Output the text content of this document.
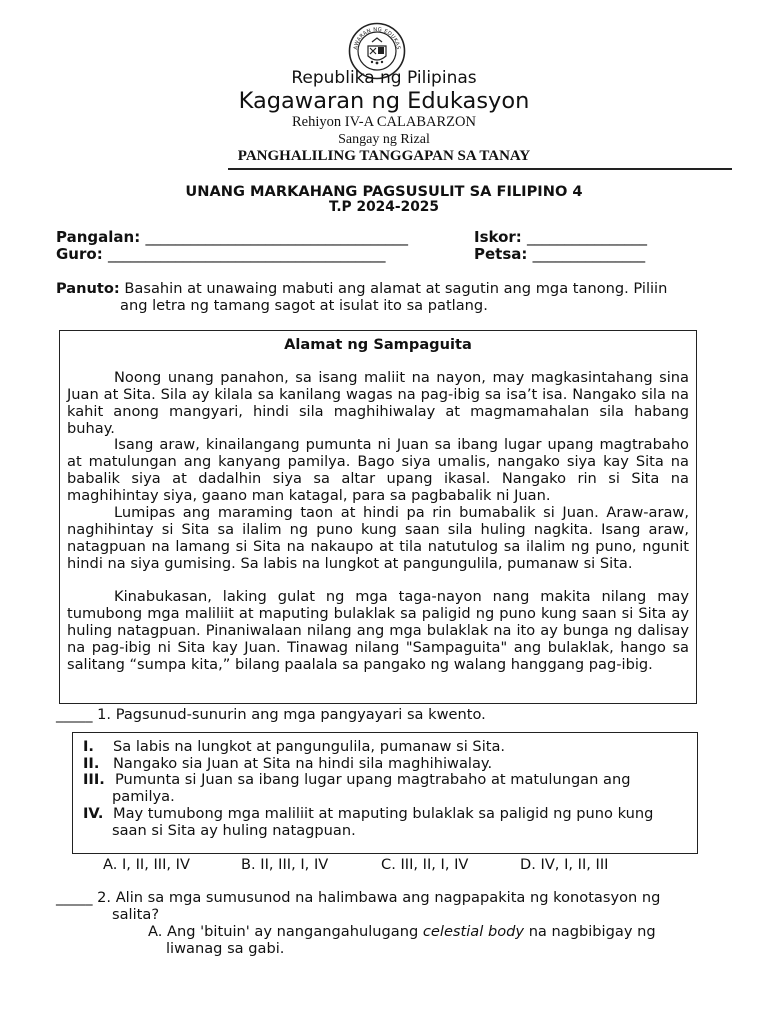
AWARAN NG EDUKAS
Republika ng Pilipinas
Kagawaran ng Edukasyon
Rehiyon IV-A CALABARZON
Sangay ng Rizal
PANGHALILING TANGGAPAN SA TANAY
UNANG MARKAHANG PAGSUSULIT SA FILIPINO 4
T.P 2024-2025
Pangalan: ___________________________________	Iskor: ________________
Guro: _____________________________________	Petsa: _______________
Panuto: Basahin at unawaing mabuti ang alamat at sagutin ang mga tanong. Piliin
ang letra ng tamang sagot at isulat ito sa patlang.
Alamat ng Sampaguita
Noong unang panahon, sa isang maliit na nayon, may magkasintahang sina Juan at Sita. Sila ay kilala sa kanilang wagas na pag-ibig sa isa’t isa. Nangako sila na kahit anong mangyari, hindi sila maghihiwalay at magmamahalan sila habang buhay.
Isang araw, kinailangang pumunta ni Juan sa ibang lugar upang magtrabaho at matulungan ang kanyang pamilya. Bago siya umalis, nangako siya kay Sita na babalik siya at dadalhin siya sa altar upang ikasal. Nangako rin si Sita na maghihintay siya, gaano man katagal, para sa pagbabalik ni Juan.
Lumipas ang maraming taon at hindi pa rin bumabalik si Juan. Araw-araw, naghihintay si Sita sa ilalim ng puno kung saan sila huling nagkita. Isang araw, natagpuan na lamang si Sita na nakaupo at tila natutulog sa ilalim ng puno, ngunit hindi na siya gumising. Sa labis na lungkot at pangungulila, pumanaw si Sita.
Kinabukasan, laking gulat ng mga taga-nayon nang makita nilang may tumubong mga maliliit at maputing bulaklak sa paligid ng puno kung saan si Sita ay huling natagpuan. Pinaniwalaan nilang ang mga bulaklak na ito ay bunga ng dalisay na pag-ibig ni Sita kay Juan. Tinawag nilang "Sampaguita" ang bulaklak, hango sa salitang “sumpa kita,” bilang paalala sa pangako ng walang hanggang pag-ibig.
_____ 1. Pagsunud-sunurin ang mga pangyayari sa kwento.
I. Sa labis na lungkot at pangungulila, pumanaw si Sita.
II. Nangako sia Juan at Sita na hindi sila maghihiwalay.
III. Pumunta si Juan sa ibang lugar upang magtrabaho at matulungan ang
pamilya.
IV. May tumubong mga maliliit at maputing bulaklak sa paligid ng puno kung
saan si Sita ay huling natagpuan.
A. I, II, III, IV	B. II, III, I, IV	C. III, II, I, IV	D. IV, I, II, III
_____ 2. Alin sa mga sumusunod na halimbawa ang nagpapakita ng konotasyon ng
salita?
A. Ang 'bituin' ay nangangahulugang celestial body na nagbibigay ng
liwanag sa gabi.
